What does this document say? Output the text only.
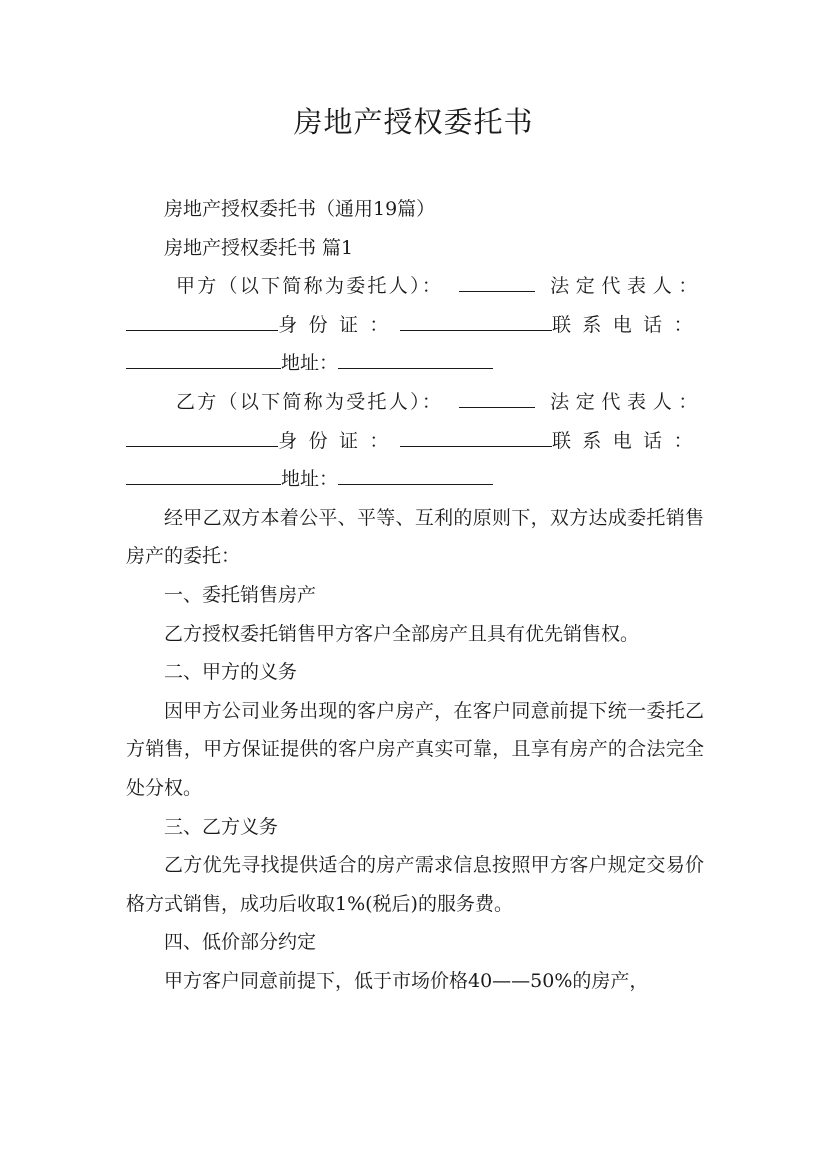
房地产授权委托书

房地产授权委托书（通用19篇）

房地产授权委托书 篇1

甲方（以下简称为委托人）：	法定代表人：
身份证：	联系电话：
地址：
乙方（以下简称为受托人）：	法定代表人：
身份证：	联系电话：
地址：

经甲乙双方本着公平、平等、互利的原则下，双方达成委托销售房产的委托：

一、委托销售房产

乙方授权委托销售甲方客户全部房产且具有优先销售权。

二、甲方的义务

因甲方公司业务出现的客户房产，在客户同意前提下统一委托乙方销售，甲方保证提供的客户房产真实可靠，且享有房产的合法完全处分权。

三、乙方义务

乙方优先寻找提供适合的房产需求信息按照甲方客户规定交易价格方式销售，成功后收取1%(税后)的服务费。

四、低价部分约定

甲方客户同意前提下，低于市场价格40——50%的房产，
